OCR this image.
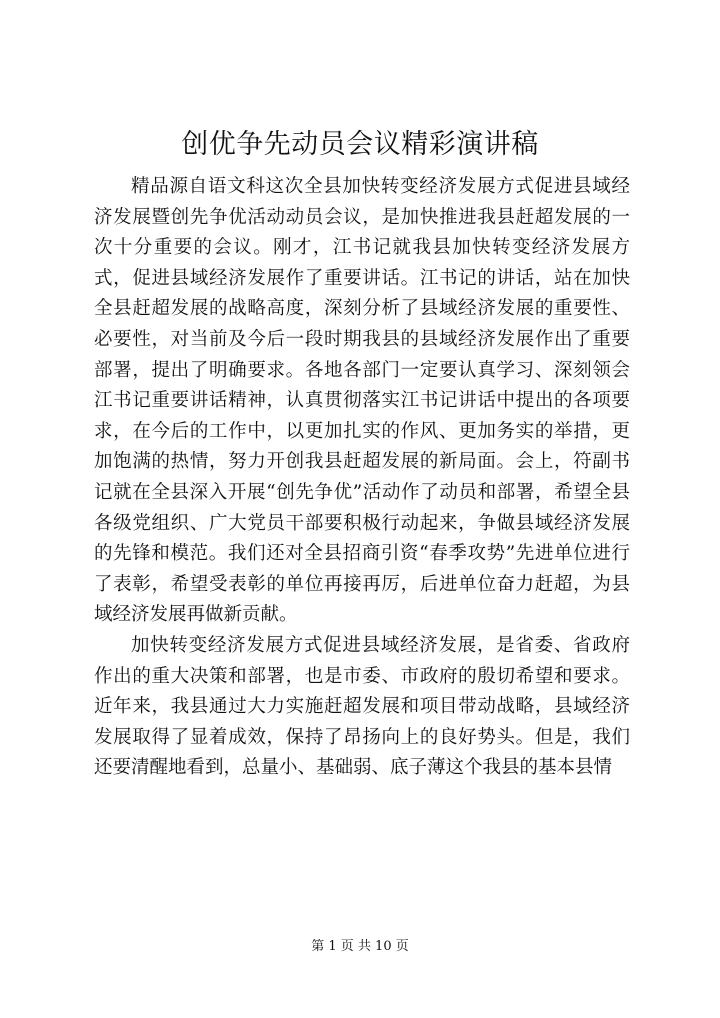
创优争先动员会议精彩演讲稿

精品源自语文科这次全县加快转变经济发展方式促进县域经济发展暨创先争优活动动员会议，是加快推进我县赶超发展的一次十分重要的会议。刚才，江书记就我县加快转变经济发展方式，促进县域经济发展作了重要讲话。江书记的讲话，站在加快全县赶超发展的战略高度，深刻分析了县域经济发展的重要性、必要性，对当前及今后一段时期我县的县域经济发展作出了重要部署，提出了明确要求。各地各部门一定要认真学习、深刻领会江书记重要讲话精神，认真贯彻落实江书记讲话中提出的各项要求，在今后的工作中，以更加扎实的作风、更加务实的举措，更加饱满的热情，努力开创我县赶超发展的新局面。会上，符副书记就在全县深入开展“创先争优”活动作了动员和部署，希望全县各级党组织、广大党员干部要积极行动起来，争做县域经济发展的先锋和模范。我们还对全县招商引资“春季攻势”先进单位进行了表彰，希望受表彰的单位再接再厉，后进单位奋力赶超，为县域经济发展再做新贡献。

加快转变经济发展方式促进县域经济发展，是省委、省政府作出的重大决策和部署，也是市委、市政府的殷切希望和要求。近年来，我县通过大力实施赶超发展和项目带动战略，县域经济发展取得了显着成效，保持了昂扬向上的良好势头。但是，我们还要清醒地看到，总量小、基础弱、底子薄这个我县的基本县情

第 1 页 共 10 页
